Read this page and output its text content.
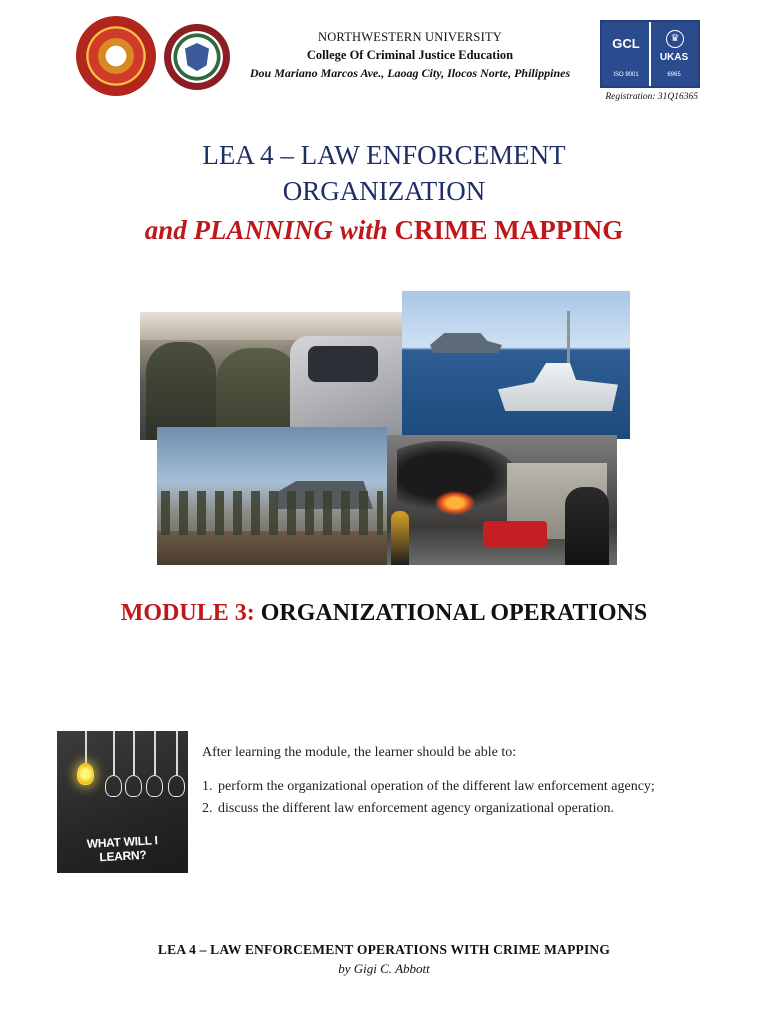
NORTHWESTERN UNIVERSITY
College Of Criminal Justice Education
Dou Mariano Marcos Ave., Laoag City, Ilocos Norte, Philippines
GCL	♛
UKAS
ISO 9001	6965
Registration: 31Q16365
LEA 4 – LAW ENFORCEMENT
ORGANIZATION
and PLANNING with CRIME MAPPING
MODULE 3: ORGANIZATIONAL OPERATIONS
WHAT WILL I LEARN?

After learning the module, the learner should be able to:

1. perform the organizational operation of the different law enforcement agency;
2. discuss the different law enforcement agency organizational operation.
LEA 4 – LAW ENFORCEMENT OPERATIONS WITH CRIME MAPPING
by Gigi C. Abbott
